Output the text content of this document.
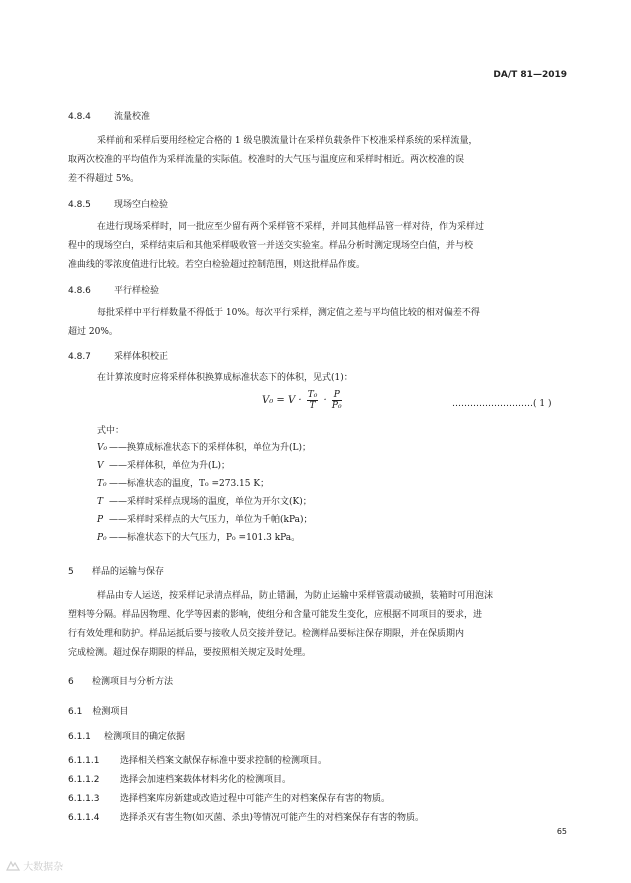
DA/T 81—2019
4.8.4	流量校准
采样前和采样后要用经检定合格的 1 级皂膜流量计在采样负载条件下校准采样系统的采样流量，
取两次校准的平均值作为采样流量的实际值。校准时的大气压与温度应和采样时相近。两次校准的误
差不得超过 5%。
4.8.5	现场空白检验
在进行现场采样时，同一批应至少留有两个采样管不采样，并同其他样品管一样对待，作为采样过
程中的现场空白，采样结束后和其他采样吸收管一并送交实验室。样品分析时测定现场空白值，并与校
准曲线的零浓度值进行比较。若空白检验超过控制范围，则这批样品作废。
4.8.6	平行样检验
每批采样中平行样数量不得低于 10%。每次平行采样，测定值之差与平均值比较的相对偏差不得
超过 20%。
4.8.7	采样体积校正
在计算浓度时应将采样体积换算成标准状态下的体积，见式(1)：
$V_0 = V \cdot \frac{\text{T₀}}{T} \cdot \frac{P}{\text{P₀}}$	………………………( 1 )
式中：
V₀ ——换算成标准状态下的采样体积，单位为升(L)；
V ——采样体积，单位为升(L)；
T₀ ——标准状态的温度，T₀ =273.15 K；
T ——采样时采样点现场的温度，单位为开尔文(K)；
P ——采样时采样点的大气压力，单位为千帕(kPa)；
P₀ ——标准状态下的大气压力，P₀ =101.3 kPa。
5 样品的运输与保存
样品由专人运送，按采样记录清点样品，防止错漏，为防止运输中采样管震动破损，装箱时可用泡沫
塑料等分隔。样品因物理、化学等因素的影响，使组分和含量可能发生变化，应根据不同项目的要求，进
行有效处理和防护。样品运抵后要与接收人员交接并登记。检测样品要标注保存期限，并在保质期内
完成检测。超过保存期限的样品，要按照相关规定及时处理。
6 检测项目与分析方法
6.1 检测项目
6.1.1 检测项目的确定依据
6.1.1.1 选择相关档案文献保存标准中要求控制的检测项目。
6.1.1.2 选择会加速档案载体材料劣化的检测项目。
6.1.1.3 选择档案库房新建或改造过程中可能产生的对档案保存有害的物质。
6.1.1.4 选择杀灭有害生物(如灭菌、杀虫)等情况可能产生的对档案保存有害的物质。
65
大数据杂
